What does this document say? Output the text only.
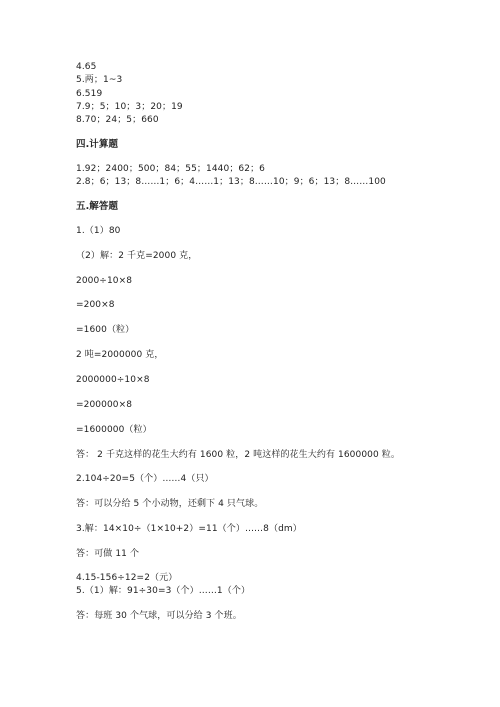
4.65
5.两；1~3
6.519
7.9；5；10；3；20；19
8.70；24；5；660
四.计算题
1.92；2400；500；84；55；1440；62；6
2.8；6；13；8……1；6；4……1；13；8……10；9；6；13；8……100
五.解答题
1.（1）80
（2）解：2 千克=2000 克，
2000÷10×8
=200×8
=1600（粒）
2 吨=2000000 克，
2000000÷10×8
=200000×8
=1600000（粒）
答： 2 千克这样的花生大约有 1600 粒，2 吨这样的花生大约有 1600000 粒。
2.104÷20=5（个）……4（只）
答：可以分给 5 个小动物，还剩下 4 只气球。
3.解：14×10÷（1×10+2）=11（个）……8（dm）
答：可做 11 个
4.15-156÷12=2（元）
5.（1）解：91÷30=3（个）……1（个）
答：每班 30 个气球，可以分给 3 个班。
